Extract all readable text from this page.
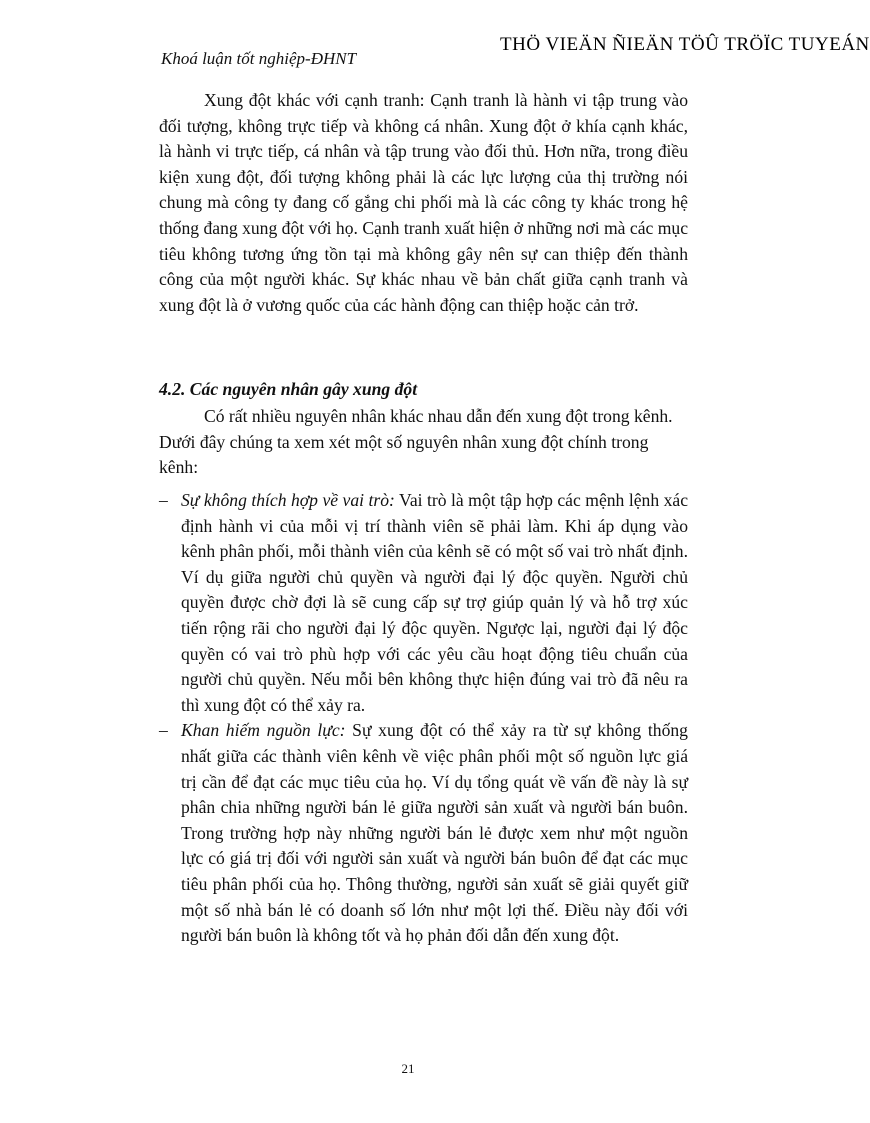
THÖ VIEÄN ÑIEÄN TÖÛ TRÖÏC TUYEÁN
Khoá luận tốt nghiệp-ĐHNT

Xung đột khác với cạnh tranh: Cạnh tranh là hành vi tập trung vào đối tượng, không trực tiếp và không cá nhân. Xung đột ở khía cạnh khác, là hành vi trực tiếp, cá nhân và tập trung vào đối thủ. Hơn nữa, trong điều kiện xung đột, đối tượng không phải là các lực lượng của thị trường nói chung mà công ty đang cố gắng chi phối mà là các công ty khác trong hệ thống đang xung đột với họ. Cạnh tranh xuất hiện ở những nơi mà các mục tiêu không tương ứng tồn tại mà không gây nên sự can thiệp đến thành công của một người khác. Sự khác nhau về bản chất giữa cạnh tranh và xung đột là ở vương quốc của các hành động can thiệp hoặc cản trở.

4.2. Các nguyên nhân gây xung đột
Có rất nhiều nguyên nhân khác nhau dẫn đến xung đột trong kênh.
Dưới đây chúng ta xem xét một số nguyên nhân xung đột chính trong kênh:
– Sự không thích hợp về vai trò: Vai trò là một tập hợp các mệnh lệnh xác định hành vi của mỗi vị trí thành viên sẽ phải làm. Khi áp dụng vào kênh phân phối, mỗi thành viên của kênh sẽ có một số vai trò nhất định. Ví dụ giữa người chủ quyền và người đại lý độc quyền. Người chủ quyền được chờ đợi là sẽ cung cấp sự trợ giúp quản lý và hỗ trợ xúc tiến rộng rãi cho người đại lý độc quyền. Ngược lại, người đại lý độc quyền có vai trò phù hợp với các yêu cầu hoạt động tiêu chuẩn của người chủ quyền. Nếu mỗi bên không thực hiện đúng vai trò đã nêu ra thì xung đột có thể xảy ra.
– Khan hiếm nguồn lực: Sự xung đột có thể xảy ra từ sự không thống nhất giữa các thành viên kênh về việc phân phối một số nguồn lực giá trị cần để đạt các mục tiêu của họ. Ví dụ tổng quát về vấn đề này là sự phân chia những người bán lẻ giữa người sản xuất và người bán buôn. Trong trường hợp này những người bán lẻ được xem như một nguồn lực có giá trị đối với người sản xuất và người bán buôn để đạt các mục tiêu phân phối của họ. Thông thường, người sản xuất sẽ giải quyết giữ một số nhà bán lẻ có doanh số lớn như một lợi thế. Điều này đối với người bán buôn là không tốt và họ phản đối dẫn đến xung đột.
21
